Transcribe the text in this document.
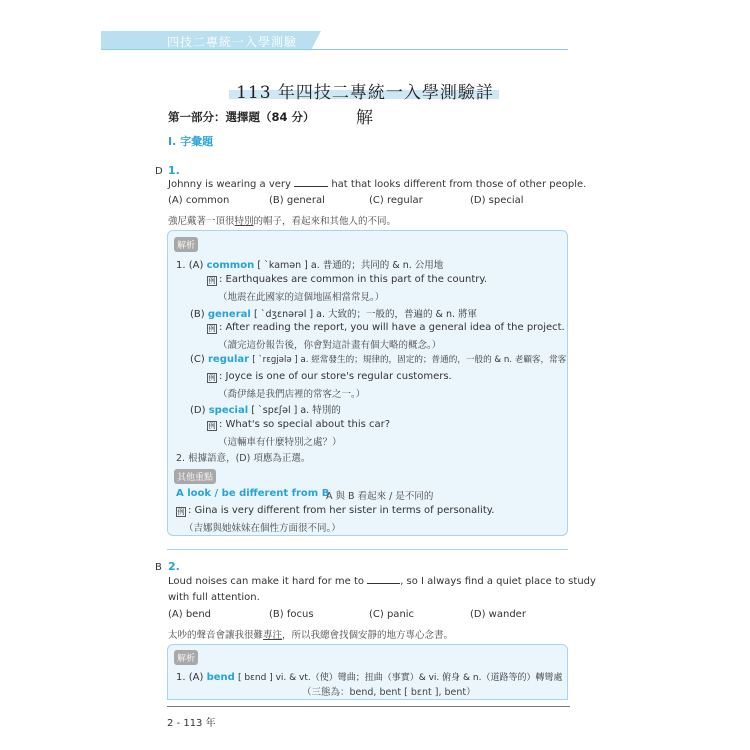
四技二專統一入學測驗
113 年四技二專統一入學測驗詳解
第一部分：選擇題（84 分）
I. 字彙題
D 1.
Johnny is wearing a very	hat that looks different from those of other people.
(A) common	(B) general	(C) regular	(D) special
強尼戴著一頂很特別的帽子，看起來和其他人的不同。
解析
1. (A) common [ ˋkamən ] a. 普通的；共同的 & n. 公用地
例 : Earthquakes are common in this part of the country.
（地震在此國家的這個地區相當常見。）
(B) general [ ˋdʒɛnərəl ] a. 大致的；一般的，普遍的 & n. 將軍
例 : After reading the report, you will have a general idea of the project.
（讀完這份報告後，你會對這計畫有個大略的概念。）
(C) regular [ ˋrɛgjələ ] a. 經常發生的；規律的，固定的；普通的，一般的 & n. 老顧客，常客
例 : Joyce is one of our store's regular customers.
（喬伊絲是我們店裡的常客之一。）
(D) special [ ˋspɛʃəl ] a. 特別的
例 : What's so special about this car?
（這輛車有什麼特別之處？）
2. 根據語意，(D) 項應為正選。
其他重點
A look / be different from B
A 與 B 看起來 / 是不同的
例 : Gina is very different from her sister in terms of personality.
（吉娜與她妹妹在個性方面很不同。）
B 2.
Loud noises can make it hard for me to	, so I always find a quiet place to study
with full attention.
(A) bend	(B) focus	(C) panic	(D) wander
太吵的聲音會讓我很難專注，所以我總會找個安靜的地方專心念書。
解析
1. (A) bend [ bɛnd ] vi. & vt.（使）彎曲；扭曲（事實）& vi. 俯身 & n.（道路等的）轉彎處
（三態為：bend, bent [ bɛnt ], bent）
2 - 113 年
